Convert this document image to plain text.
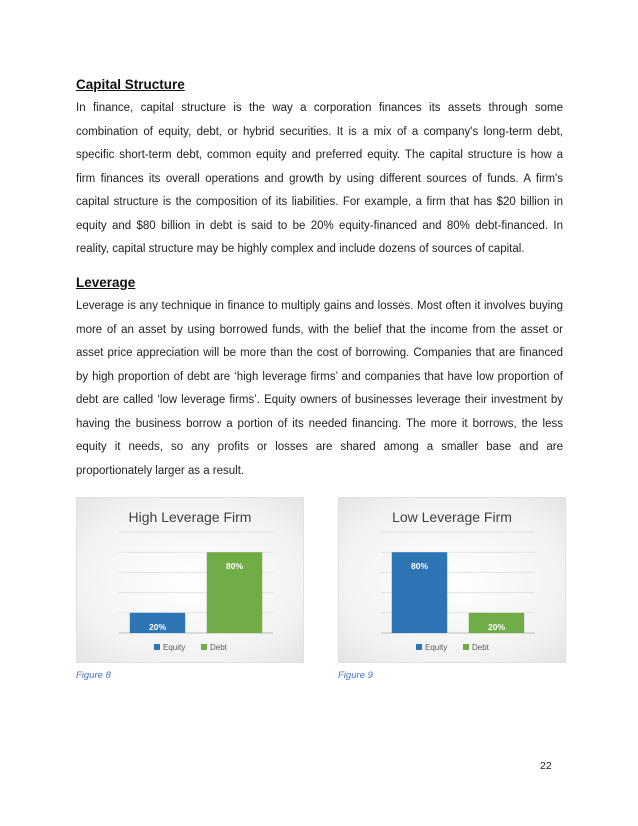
Capital Structure

In finance, capital structure is the way a corporation finances its assets through some combination of equity, debt, or hybrid securities. It is a mix of a company's long-term debt, specific short-term debt, common equity and preferred equity. The capital structure is how a firm finances its overall operations and growth by using different sources of funds. A firm's capital structure is the composition of its liabilities. For example, a firm that has $20 billion in equity and $80 billion in debt is said to be 20% equity-financed and 80% debt-financed. In reality, capital structure may be highly complex and include dozens of sources of capital.

Leverage

Leverage is any technique in finance to multiply gains and losses. Most often it involves buying more of an asset by using borrowed funds, with the belief that the income from the asset or asset price appreciation will be more than the cost of borrowing. Companies that are financed by high proportion of debt are ‘high leverage firms’ and companies that have low proportion of debt are called ‘low leverage firms’. Equity owners of businesses leverage their investment by having the business borrow a portion of its needed financing. The more it borrows, the less equity it needs, so any profits or losses are shared among a smaller base and are proportionately larger as a result.

High Leverage Firm
20%
80%
Equity	Debt
Low Leverage Firm
80%
20%
Equity	Debt

Figure 8	Figure 9

22
